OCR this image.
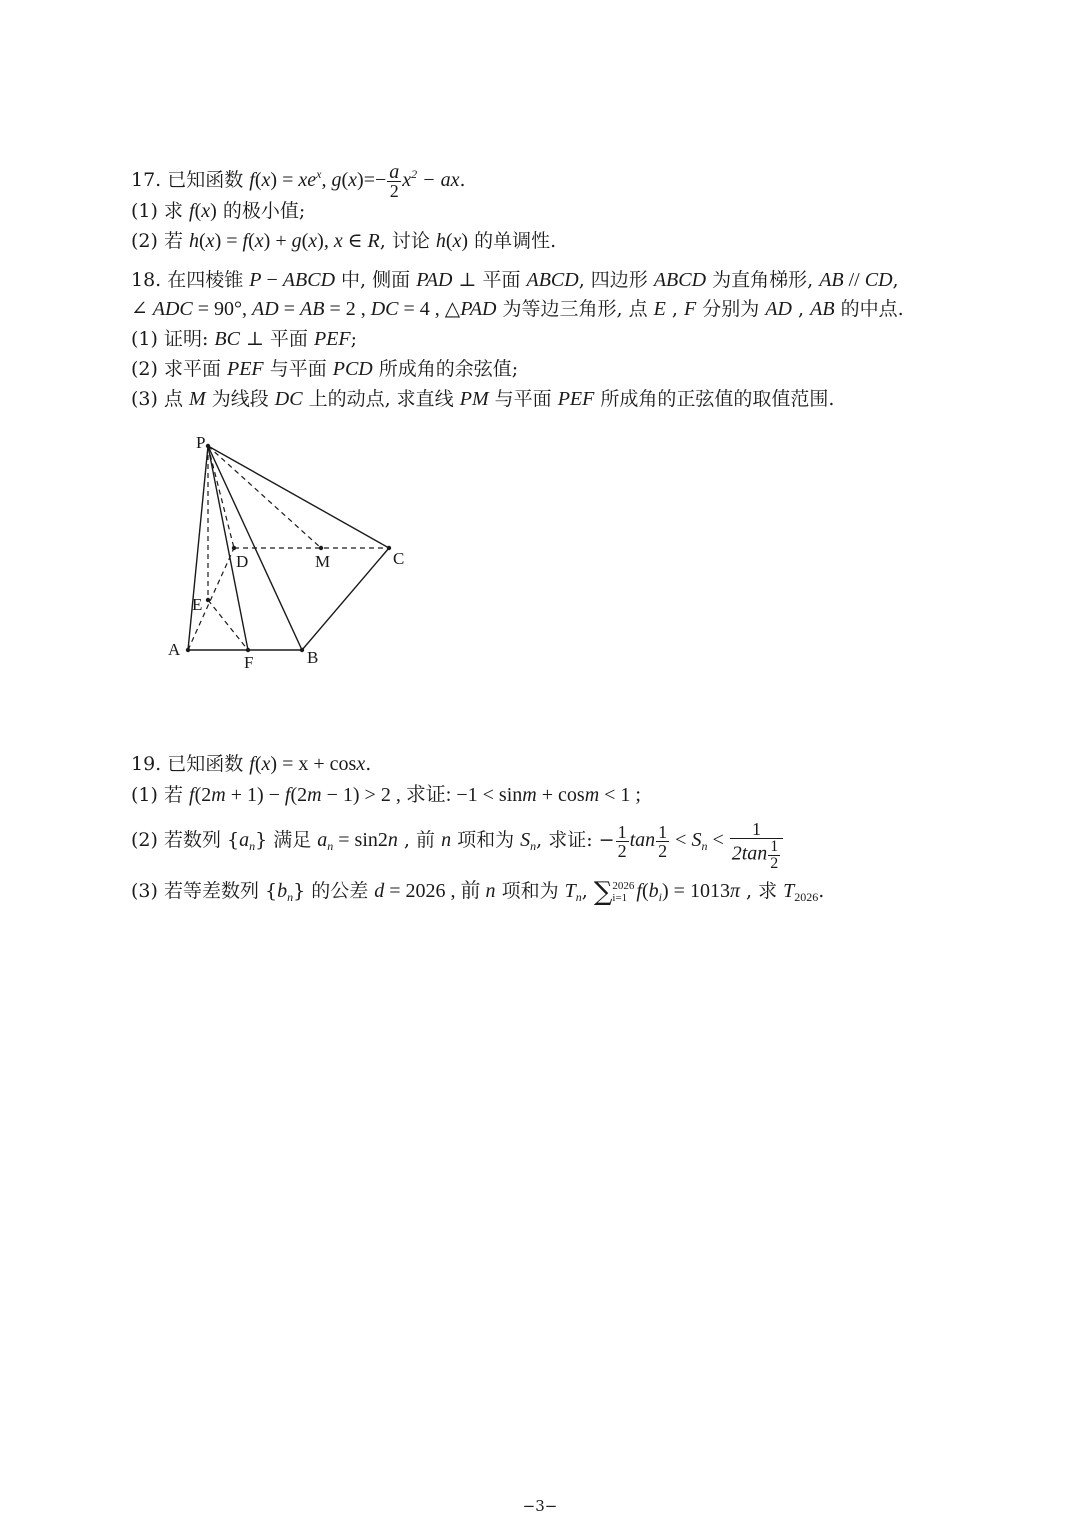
17. 已知函数 $f(x) = xe^x$, $g(x)=- \frac{a}{2} x^2$ − ax.
(1) 求 f(x) 的极小值;
(2) 若 h(x) = f(x) + g(x), x ∈ R, 讨论 h(x) 的单调性.
18. 在四棱锥 P − ABCD 中, 侧面 PAD ⊥ 平面 ABCD, 四边形 ABCD 为直角梯形, AB // CD,
∠ ADC = 90°, AD = AB = 2 , DC = 4 , △PAD 为等边三角形, 点 E , F 分别为 AD , AB 的中点.
(1) 证明: BC ⊥ 平面 PEF;
(2) 求平面 PEF 与平面 PCD 所成角的余弦值;
(3) 点 M 为线段 DC 上的动点, 求直线 PM 与平面 PEF 所成角的正弦值的取值范围.
P
D	M	C
E
A
F	B
19. 已知函数 f(x) = x + cosx.
(1) 若 f(2m + 1) − f(2m − 1) > 2 , 求证: −1 < sinm + cosm < 1 ;
(2) 若数列 $\{a_n\}$ 满足 $a_n = \sin 2n$ , 前 n 项和为 $S_n$, 求证: − $\frac{1}{2}$ $\tan \frac{1}{2} < S_n < \frac{1}{2\tan \frac{1}{2}}$
(3) 若等差数列 $\{b_n\}$ 的公差 d = 2026 , 前 n 项和为 $T_n$, ∑ 2026
i=1 $f(b_i) = 1013\pi$ , 求 $T_{2026}$.
−3−
